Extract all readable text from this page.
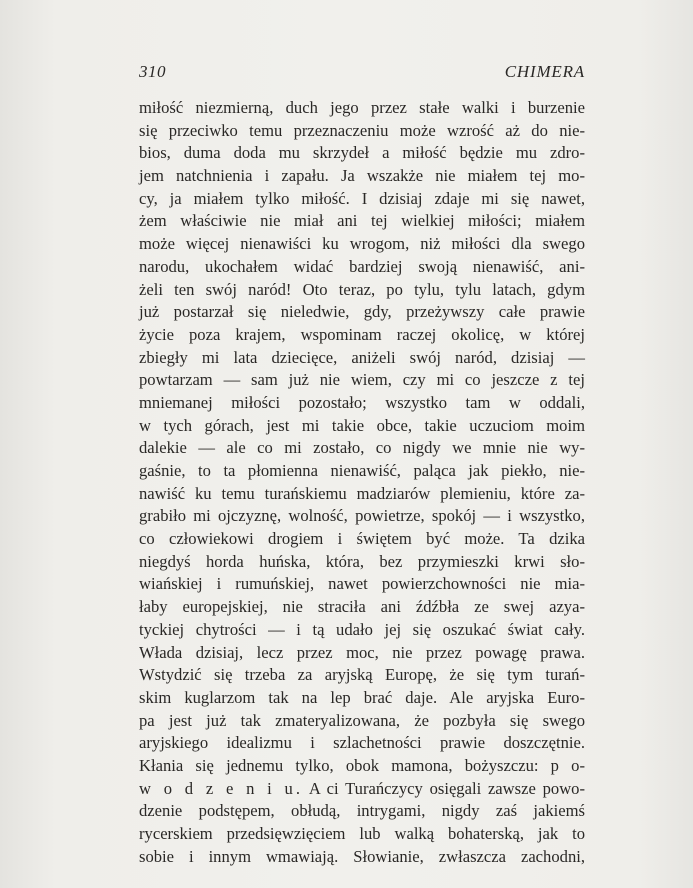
310	CHIMERA
miłość niezmierną, duch jego przez stałe walki i burzenie
się przeciwko temu przeznaczeniu może wzrość aż do nie-
bios, duma doda mu skrzydeł a miłość będzie mu zdro-
jem natchnienia i zapału. Ja wszakże nie miałem tej mo-
cy, ja miałem tylko miłość. I dzisiaj zdaje mi się nawet,
żem właściwie nie miał ani tej wielkiej miłości; miałem
może więcej nienawiści ku wrogom, niż miłości dla swego
narodu, ukochałem widać bardziej swoją nienawiść, ani-
żeli ten swój naród! Oto teraz, po tylu, tylu latach, gdym
już postarzał się nieledwie, gdy, przeżywszy całe prawie
życie poza krajem, wspominam raczej okolicę, w której
zbiegły mi lata dziecięce, aniżeli swój naród, dzisiaj —
powtarzam — sam już nie wiem, czy mi co jeszcze z tej
mniemanej miłości pozostało; wszystko tam w oddali,
w tych górach, jest mi takie obce, takie uczuciom moim
dalekie — ale co mi zostało, co nigdy we mnie nie wy-
gaśnie, to ta płomienna nienawiść, paląca jak piekło, nie-
nawiść ku temu turańskiemu madziarów plemieniu, które za-
grabiło mi ojczyznę, wolność, powietrze, spokój — i wszystko,
co człowiekowi drogiem i świętem być może. Ta dzika
niegdyś horda huńska, która, bez przymieszki krwi sło-
wiańskiej i rumuńskiej, nawet powierzchowności nie mia-
łaby europejskiej, nie straciła ani źdźbła ze swej azya-
tyckiej chytrości — i tą udało jej się oszukać świat cały.
Włada dzisiaj, lecz przez moc, nie przez powagę prawa.
Wstydzić się trzeba za aryjską Europę, że się tym turań-
skim kuglarzom tak na lep brać daje. Ale aryjska Euro-
pa jest już tak zmateryalizowana, że pozbyła się swego
aryjskiego idealizmu i szlachetności prawie doszczętnie.
Kłania się jednemu tylko, obok mamona, bożyszczu: p o-
w o d z e n i u. A ci Turańczycy osięgali zawsze powo-
dzenie podstępem, obłudą, intrygami, nigdy zaś jakiemś
rycerskiem przedsięwzięciem lub walką bohaterską, jak to
sobie i innym wmawiają. Słowianie, zwłaszcza zachodni,
